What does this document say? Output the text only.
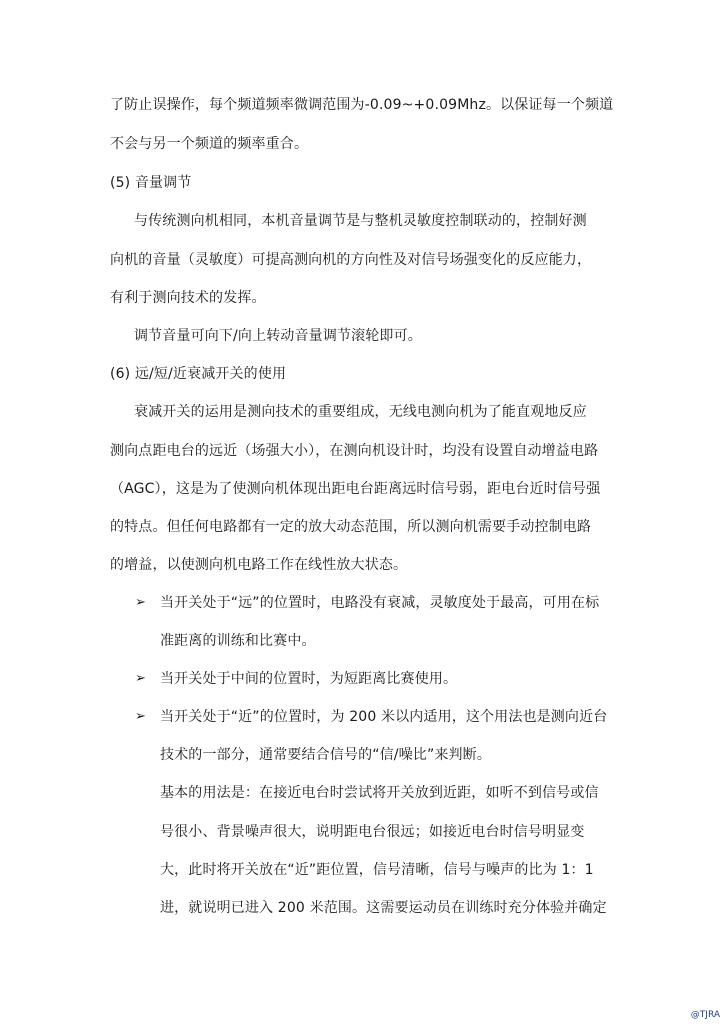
了防止误操作，每个频道频率微调范围为-0.09~+0.09Mhz。以保证每一个频道
不会与另一个频道的频率重合。
(5) 音量调节
与传统测向机相同，本机音量调节是与整机灵敏度控制联动的，控制好测
向机的音量（灵敏度）可提高测向机的方向性及对信号场强变化的反应能力，
有利于测向技术的发挥。
调节音量可向下/向上转动音量调节滚轮即可。
(6) 远/短/近衰减开关的使用
衰减开关的运用是测向技术的重要组成，无线电测向机为了能直观地反应
测向点距电台的远近（场强大小），在测向机设计时，均没有设置自动增益电路
（AGC），这是为了使测向机体现出距电台距离远时信号弱，距电台近时信号强
的特点。但任何电路都有一定的放大动态范围，所以测向机需要手动控制电路
的增益，以使测向机电路工作在线性放大状态。
➢ 当开关处于“远”的位置时，电路没有衰减，灵敏度处于最高，可用在标
准距离的训练和比赛中。
➢ 当开关处于中间的位置时，为短距离比赛使用。
➢ 当开关处于“近”的位置时，为 200 米以内适用，这个用法也是测向近台
技术的一部分，通常要结合信号的“信/噪比”来判断。
基本的用法是：在接近电台时尝试将开关放到近距，如听不到信号或信
号很小、背景噪声很大，说明距电台很远；如接近电台时信号明显变
大，此时将开关放在“近”距位置，信号清晰，信号与噪声的比为 1：1
进，就说明已进入 200 米范围。这需要运动员在训练时充分体验并确定
@TJRA
